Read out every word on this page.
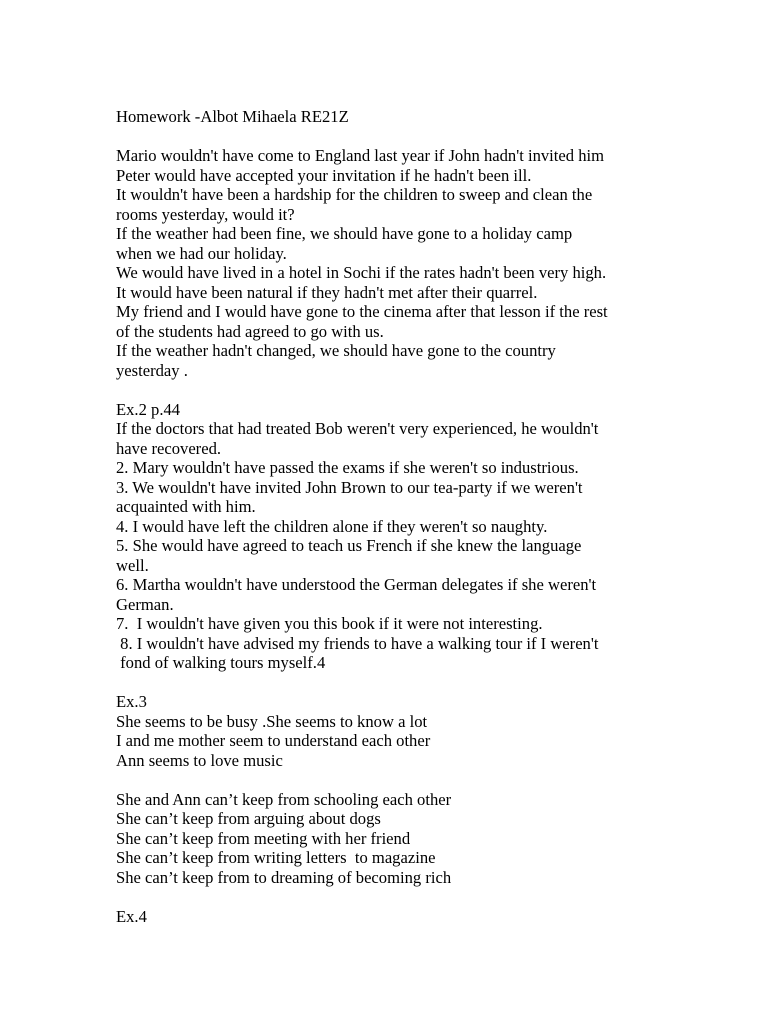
Homework -Albot Mihaela RE21Z
Mario wouldn't have come to England last year if John hadn't invited him
Peter would have accepted your invitation if he hadn't been ill.
It wouldn't have been a hardship for the children to sweep and clean the
rooms yesterday, would it?
If the weather had been fine, we should have gone to a holiday camp
when we had our holiday.
We would have lived in a hotel in Sochi if the rates hadn't been very high.
It would have been natural if they hadn't met after their quarrel.
My friend and I would have gone to the cinema after that lesson if the rest
of the students had agreed to go with us.
If the weather hadn't changed, we should have gone to the country
yesterday .
Ex.2 p.44
If the doctors that had treated Bob weren't very experienced, he wouldn't
have recovered.
2. Mary wouldn't have passed the exams if she weren't so industrious.
3. We wouldn't have invited John Brown to our tea-party if we weren't
acquainted with him.
4. I would have left the children alone if they weren't so naughty.
5. She would have agreed to teach us French if she knew the language
well.
6. Martha wouldn't have understood the German delegates if she weren't
German.
7.  I wouldn't have given you this book if it were not interesting.
8. I wouldn't have advised my friends to have a walking tour if I weren't
fond of walking tours myself.4
Ex.3
She seems to be busy .She seems to know a lot
I and me mother seem to understand each other
Ann seems to love music
She and Ann can’t keep from schooling each other
She can’t keep from arguing about dogs
She can’t keep from meeting with her friend
She can’t keep from writing letters  to magazine
She can’t keep from to dreaming of becoming rich
Ex.4
